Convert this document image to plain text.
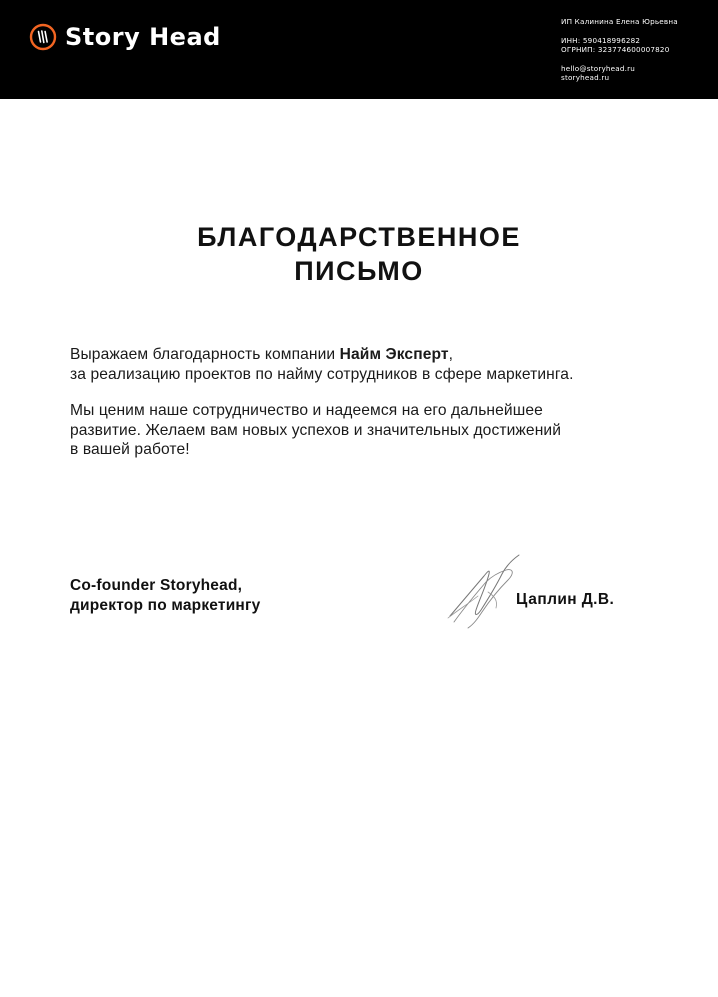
Story Head
ИП Калинина Елена Юрьевна
ИНН: 590418996282
ОГРНИП: 323774600007820
hello@storyhead.ru
storyhead.ru
БЛАГОДАРСТВЕННОЕ
ПИСЬМО
Выражаем благодарность компании Найм Эксперт,
за реализацию проектов по найму сотрудников в сфере маркетинга.
Мы ценим наше сотрудничество и надеемся на его дальнейшее
развитие. Желаем вам новых успехов и значительных достижений
в вашей работе!
Co-founder Storyhead,
директор по маркетингу	Цаплин Д.В.
